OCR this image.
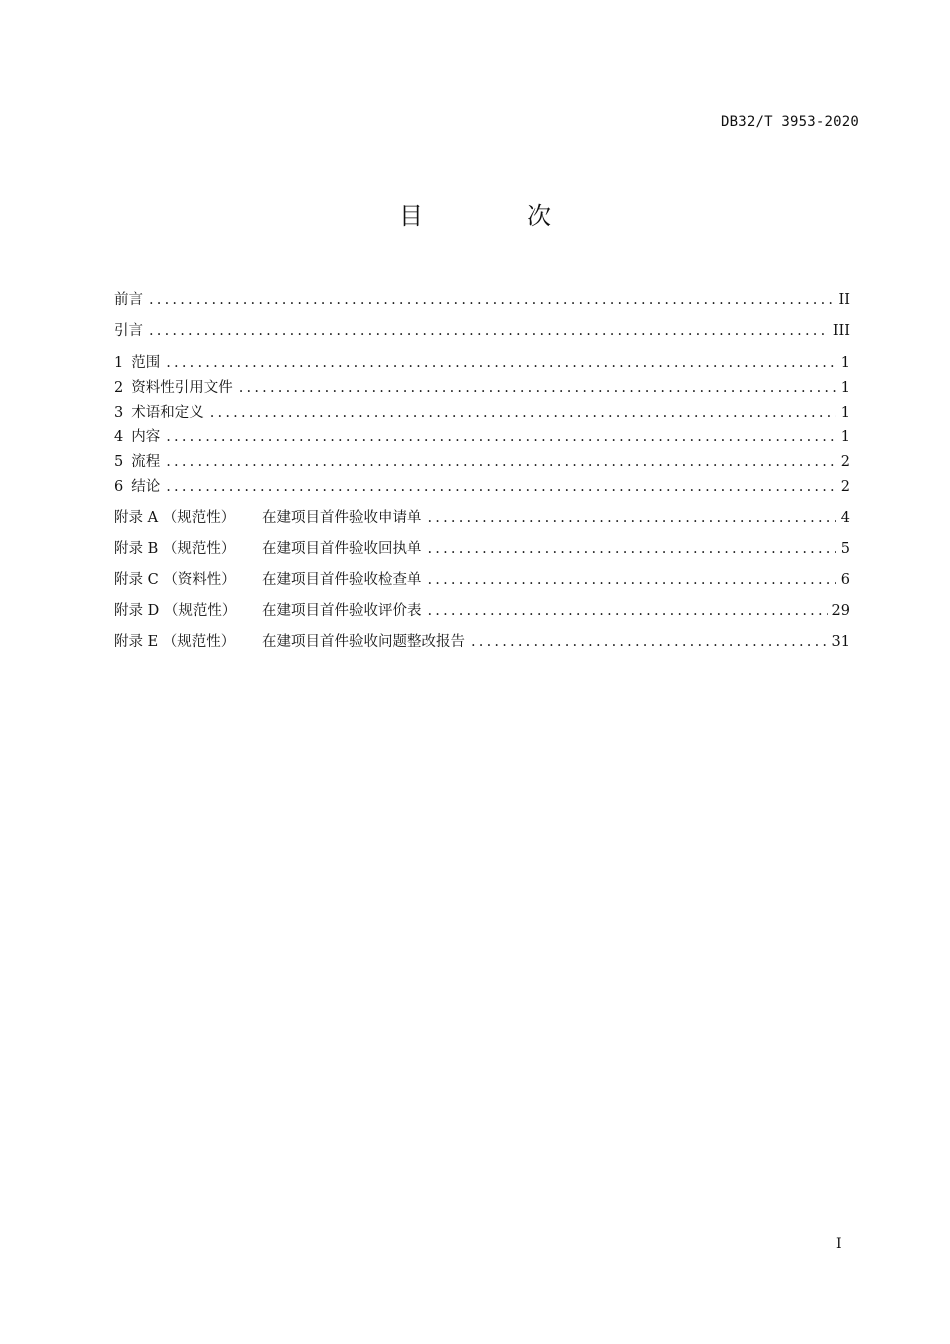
DB32/T 3953-2020
目　次
前言 .....	II
引言 .....	III
1 范围 .....	1
2 资料性引用文件 .....	1
3 术语和定义 .....	1
4 内容 .....	1
5 流程 .....	2
6 结论 .....	2
附录 A （规范性）	在建项目首件验收申请单 .....	4
附录 B （规范性）	在建项目首件验收回执单 .....	5
附录 C （资料性）	在建项目首件验收检查单 .....	6
附录 D （规范性）	在建项目首件验收评价表 .....	29
附录 E （规范性）	在建项目首件验收问题整改报告 .....	31
I
